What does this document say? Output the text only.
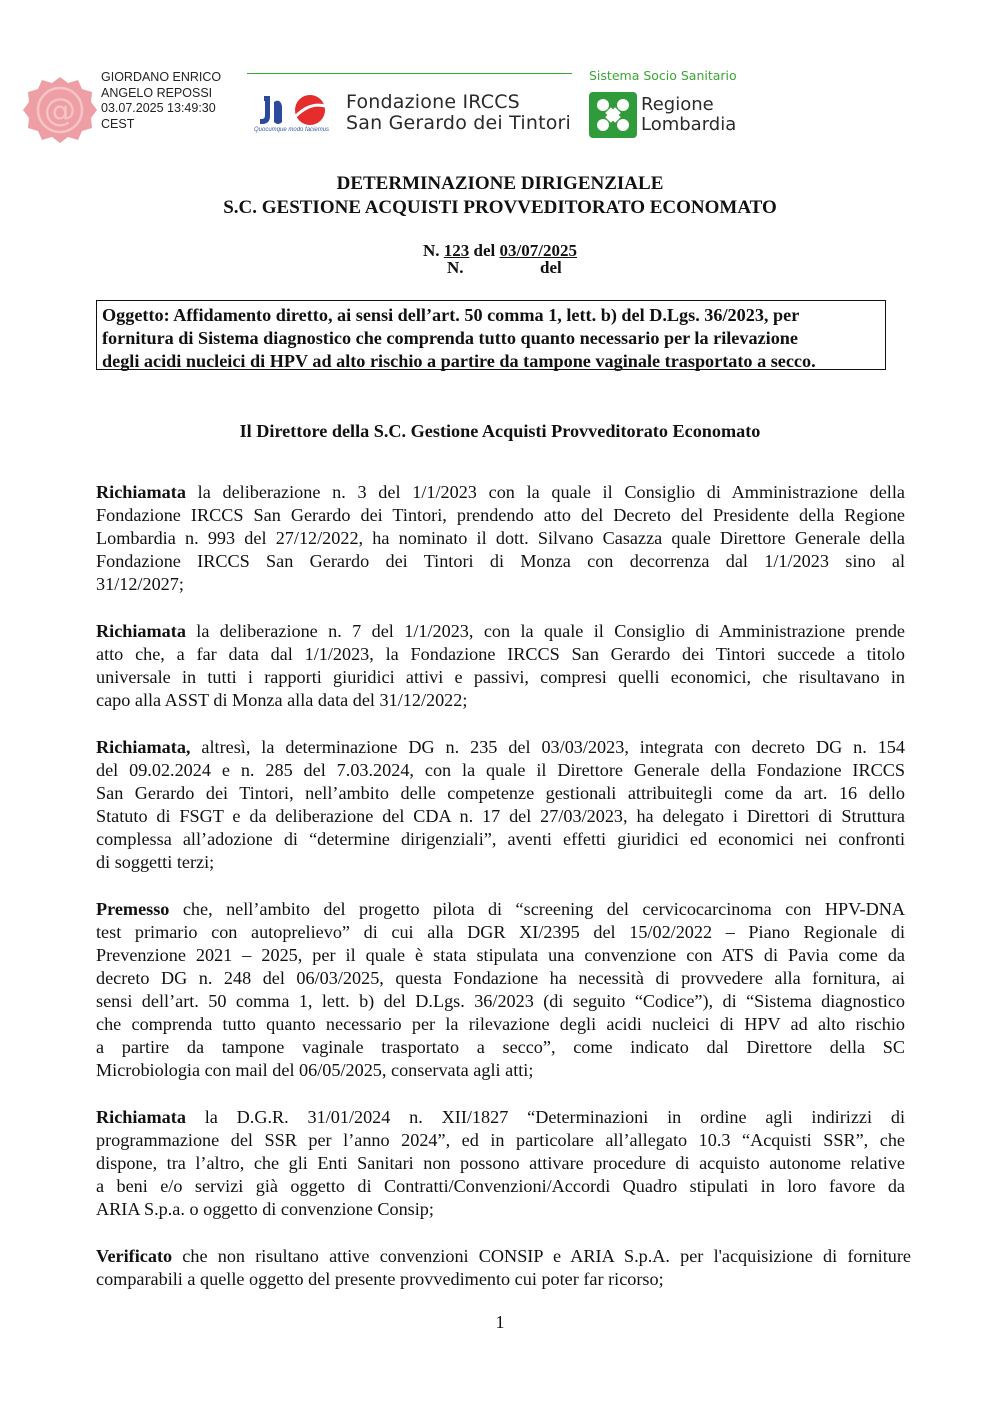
@
GIORDANO ENRICO
ANGELO REPOSSI
03.07.2025 13:49:30
CEST	Quocumque modo faciemus
Fondazione IRCCS
San Gerardo dei Tintori
Sistema Socio Sanitario
Regione
Lombardia
DETERMINAZIONE DIRIGENZIALE
S.C. GESTIONE ACQUISTI PROVVEDITORATO ECONOMATO
N. 123 del 03/07/2025
N.	del
Oggetto: Affidamento diretto, ai sensi dell’art. 50 comma 1, lett. b) del D.Lgs. 36/2023, per
fornitura di Sistema diagnostico che comprenda tutto quanto necessario per la rilevazione
degli acidi nucleici di HPV ad alto rischio a partire da tampone vaginale trasportato a secco.
Il Direttore della S.C. Gestione Acquisti Provveditorato Economato
Richiamata la deliberazione n. 3 del 1/1/2023 con la quale il Consiglio di Amministrazione della
Fondazione IRCCS San Gerardo dei Tintori, prendendo atto del Decreto del Presidente della Regione
Lombardia n. 993 del 27/12/2022, ha nominato il dott. Silvano Casazza quale Direttore Generale della
Fondazione IRCCS San Gerardo dei Tintori di Monza con decorrenza dal 1/1/2023 sino al
31/12/2027;
Richiamata la deliberazione n. 7 del 1/1/2023, con la quale il Consiglio di Amministrazione prende
atto che, a far data dal 1/1/2023, la Fondazione IRCCS San Gerardo dei Tintori succede a titolo
universale in tutti i rapporti giuridici attivi e passivi, compresi quelli economici, che risultavano in
capo alla ASST di Monza alla data del 31/12/2022;
Richiamata, altresì, la determinazione DG n. 235 del 03/03/2023, integrata con decreto DG n. 154
del 09.02.2024 e n. 285 del 7.03.2024, con la quale il Direttore Generale della Fondazione IRCCS
San Gerardo dei Tintori, nell’ambito delle competenze gestionali attribuitegli come da art. 16 dello
Statuto di FSGT e da deliberazione del CDA n. 17 del 27/03/2023, ha delegato i Direttori di Struttura
complessa all’adozione di “determine dirigenziali”, aventi effetti giuridici ed economici nei confronti
di soggetti terzi;
Premesso che, nell’ambito del progetto pilota di “screening del cervicocarcinoma con HPV-DNA
test primario con autoprelievo” di cui alla DGR XI/2395 del 15/02/2022 – Piano Regionale di
Prevenzione 2021 – 2025, per il quale è stata stipulata una convenzione con ATS di Pavia come da
decreto DG n. 248 del 06/03/2025, questa Fondazione ha necessità di provvedere alla fornitura, ai
sensi dell’art. 50 comma 1, lett. b) del D.Lgs. 36/2023 (di seguito “Codice”), di “Sistema diagnostico
che comprenda tutto quanto necessario per la rilevazione degli acidi nucleici di HPV ad alto rischio
a partire da tampone vaginale trasportato a secco”, come indicato dal Direttore della SC
Microbiologia con mail del 06/05/2025, conservata agli atti;
Richiamata la D.G.R. 31/01/2024 n. XII/1827 “Determinazioni in ordine agli indirizzi di
programmazione del SSR per l’anno 2024”, ed in particolare all’allegato 10.3 “Acquisti SSR”, che
dispone, tra l’altro, che gli Enti Sanitari non possono attivare procedure di acquisto autonome relative
a beni e/o servizi già oggetto di Contratti/Convenzioni/Accordi Quadro stipulati in loro favore da
ARIA S.p.a. o oggetto di convenzione Consip;
Verificato che non risultano attive convenzioni CONSIP e ARIA S.p.A. per l'acquisizione di forniture
comparabili a quelle oggetto del presente provvedimento cui poter far ricorso;
1
